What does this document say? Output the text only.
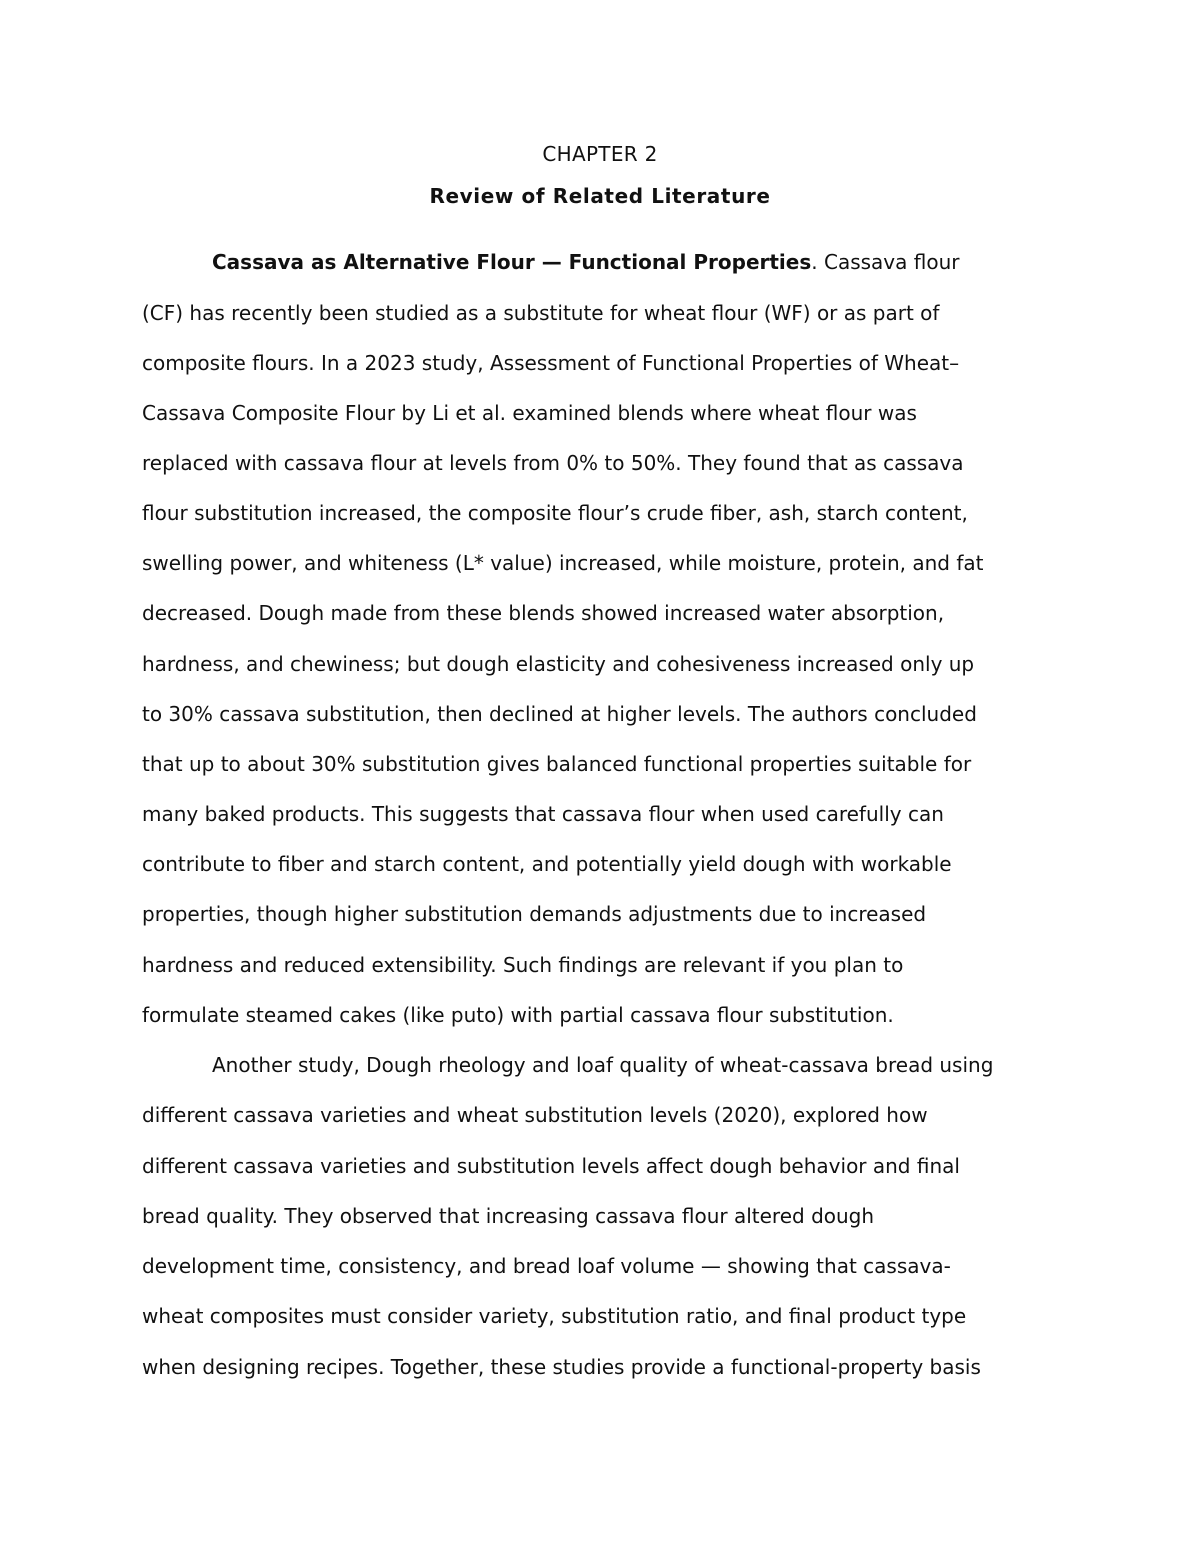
CHAPTER 2
Review of Related Literature
Cassava as Alternative Flour — Functional Properties. Cassava flour
(CF) has recently been studied as a substitute for wheat flour (WF) or as part of
composite flours. In a 2023 study, Assessment of Functional Properties of Wheat–
Cassava Composite Flour by Li et al. examined blends where wheat flour was
replaced with cassava flour at levels from 0% to 50%. They found that as cassava
flour substitution increased, the composite flour’s crude fiber, ash, starch content,
swelling power, and whiteness (L* value) increased, while moisture, protein, and fat
decreased. Dough made from these blends showed increased water absorption,
hardness, and chewiness; but dough elasticity and cohesiveness increased only up
to 30% cassava substitution, then declined at higher levels. The authors concluded
that up to about 30% substitution gives balanced functional properties suitable for
many baked products. This suggests that cassava flour when used carefully can
contribute to fiber and starch content, and potentially yield dough with workable
properties, though higher substitution demands adjustments due to increased
hardness and reduced extensibility. Such findings are relevant if you plan to
formulate steamed cakes (like puto) with partial cassava flour substitution.
Another study, Dough rheology and loaf quality of wheat-cassava bread using
different cassava varieties and wheat substitution levels (2020), explored how
different cassava varieties and substitution levels affect dough behavior and final
bread quality. They observed that increasing cassava flour altered dough
development time, consistency, and bread loaf volume — showing that cassava-
wheat composites must consider variety, substitution ratio, and final product type
when designing recipes. Together, these studies provide a functional-property basis
